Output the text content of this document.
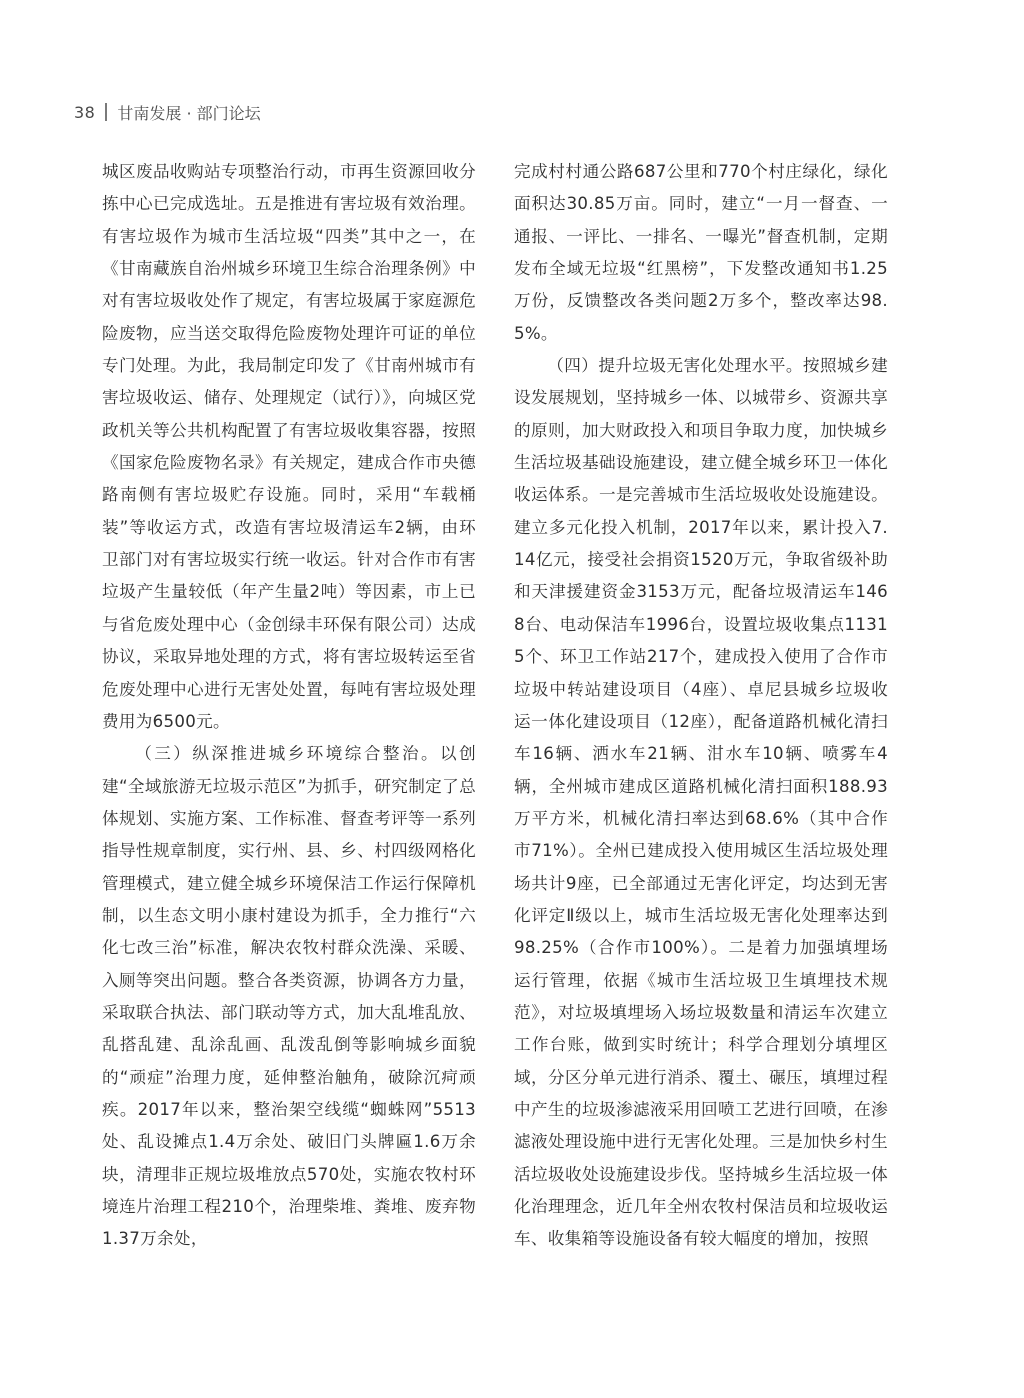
38 甘南发展 · 部门论坛

城区废品收购站专项整治行动，市再生资源回收分拣中心已完成选址。五是推进有害垃圾有效治理。有害垃圾作为城市生活垃圾“四类”其中之一，在《甘南藏族自治州城乡环境卫生综合治理条例》中对有害垃圾收处作了规定，有害垃圾属于家庭源危险废物，应当送交取得危险废物处理许可证的单位专门处理。为此，我局制定印发了《甘南州城市有害垃圾收运、储存、处理规定（试行）》，向城区党政机关等公共机构配置了有害垃圾收集容器，按照《国家危险废物名录》有关规定，建成合作市央德路南侧有害垃圾贮存设施。同时，采用“车载桶装”等收运方式，改造有害垃圾清运车2辆，由环卫部门对有害垃圾实行统一收运。针对合作市有害垃圾产生量较低（年产生量2吨）等因素，市上已与省危废处理中心（金创绿丰环保有限公司）达成协议，采取异地处理的方式，将有害垃圾转运至省危废处理中心进行无害处处置，每吨有害垃圾处理费用为6500元。

（三）纵深推进城乡环境综合整治。以创建“全域旅游无垃圾示范区”为抓手，研究制定了总体规划、实施方案、工作标准、督查考评等一系列指导性规章制度，实行州、县、乡、村四级网格化管理模式，建立健全城乡环境保洁工作运行保障机制，以生态文明小康村建设为抓手，全力推行“六化七改三治”标准，解决农牧村群众洗澡、采暖、入厕等突出问题。整合各类资源，协调各方力量，采取联合执法、部门联动等方式，加大乱堆乱放、乱搭乱建、乱涂乱画、乱泼乱倒等影响城乡面貌的“顽症”治理力度，延伸整治触角，破除沉疴顽疾。2017年以来，整治架空线缆“蜘蛛网”5513处、乱设摊点1.4万余处、破旧门头牌匾1.6万余块，清理非正规垃圾堆放点570处，实施农牧村环境连片治理工程210个，治理柴堆、粪堆、废弃物1.37万余处，

完成村村通公路687公里和770个村庄绿化，绿化面积达30.85万亩。同时，建立“一月一督查、一通报、一评比、一排名、一曝光”督查机制，定期发布全域无垃圾“红黑榜”，下发整改通知书1.25万份，反馈整改各类问题2万多个，整改率达98.5%。

（四）提升垃圾无害化处理水平。按照城乡建设发展规划，坚持城乡一体、以城带乡、资源共享的原则，加大财政投入和项目争取力度，加快城乡生活垃圾基础设施建设，建立健全城乡环卫一体化收运体系。一是完善城市生活垃圾收处设施建设。建立多元化投入机制，2017年以来，累计投入7.14亿元，接受社会捐资1520万元，争取省级补助和天津援建资金3153万元，配备垃圾清运车1468台、电动保洁车1996台，设置垃圾收集点11315个、环卫工作站217个，建成投入使用了合作市垃圾中转站建设项目（4座）、卓尼县城乡垃圾收运一体化建设项目（12座），配备道路机械化清扫车16辆、洒水车21辆、泔水车10辆、喷雾车4辆，全州城市建成区道路机械化清扫面积188.93万平方米，机械化清扫率达到68.6%（其中合作市71%）。全州已建成投入使用城区生活垃圾处理场共计9座，已全部通过无害化评定，均达到无害化评定Ⅱ级以上，城市生活垃圾无害化处理率达到98.25%（合作市100%）。二是着力加强填埋场运行管理，依据《城市生活垃圾卫生填埋技术规范》，对垃圾填埋场入场垃圾数量和清运车次建立工作台账，做到实时统计；科学合理划分填埋区域，分区分单元进行消杀、覆土、碾压，填埋过程中产生的垃圾渗滤液采用回喷工艺进行回喷，在渗滤液处理设施中进行无害化处理。三是加快乡村生活垃圾收处设施建设步伐。坚持城乡生活垃圾一体化治理理念，近几年全州农牧村保洁员和垃圾收运车、收集箱等设施设备有较大幅度的增加，按照
